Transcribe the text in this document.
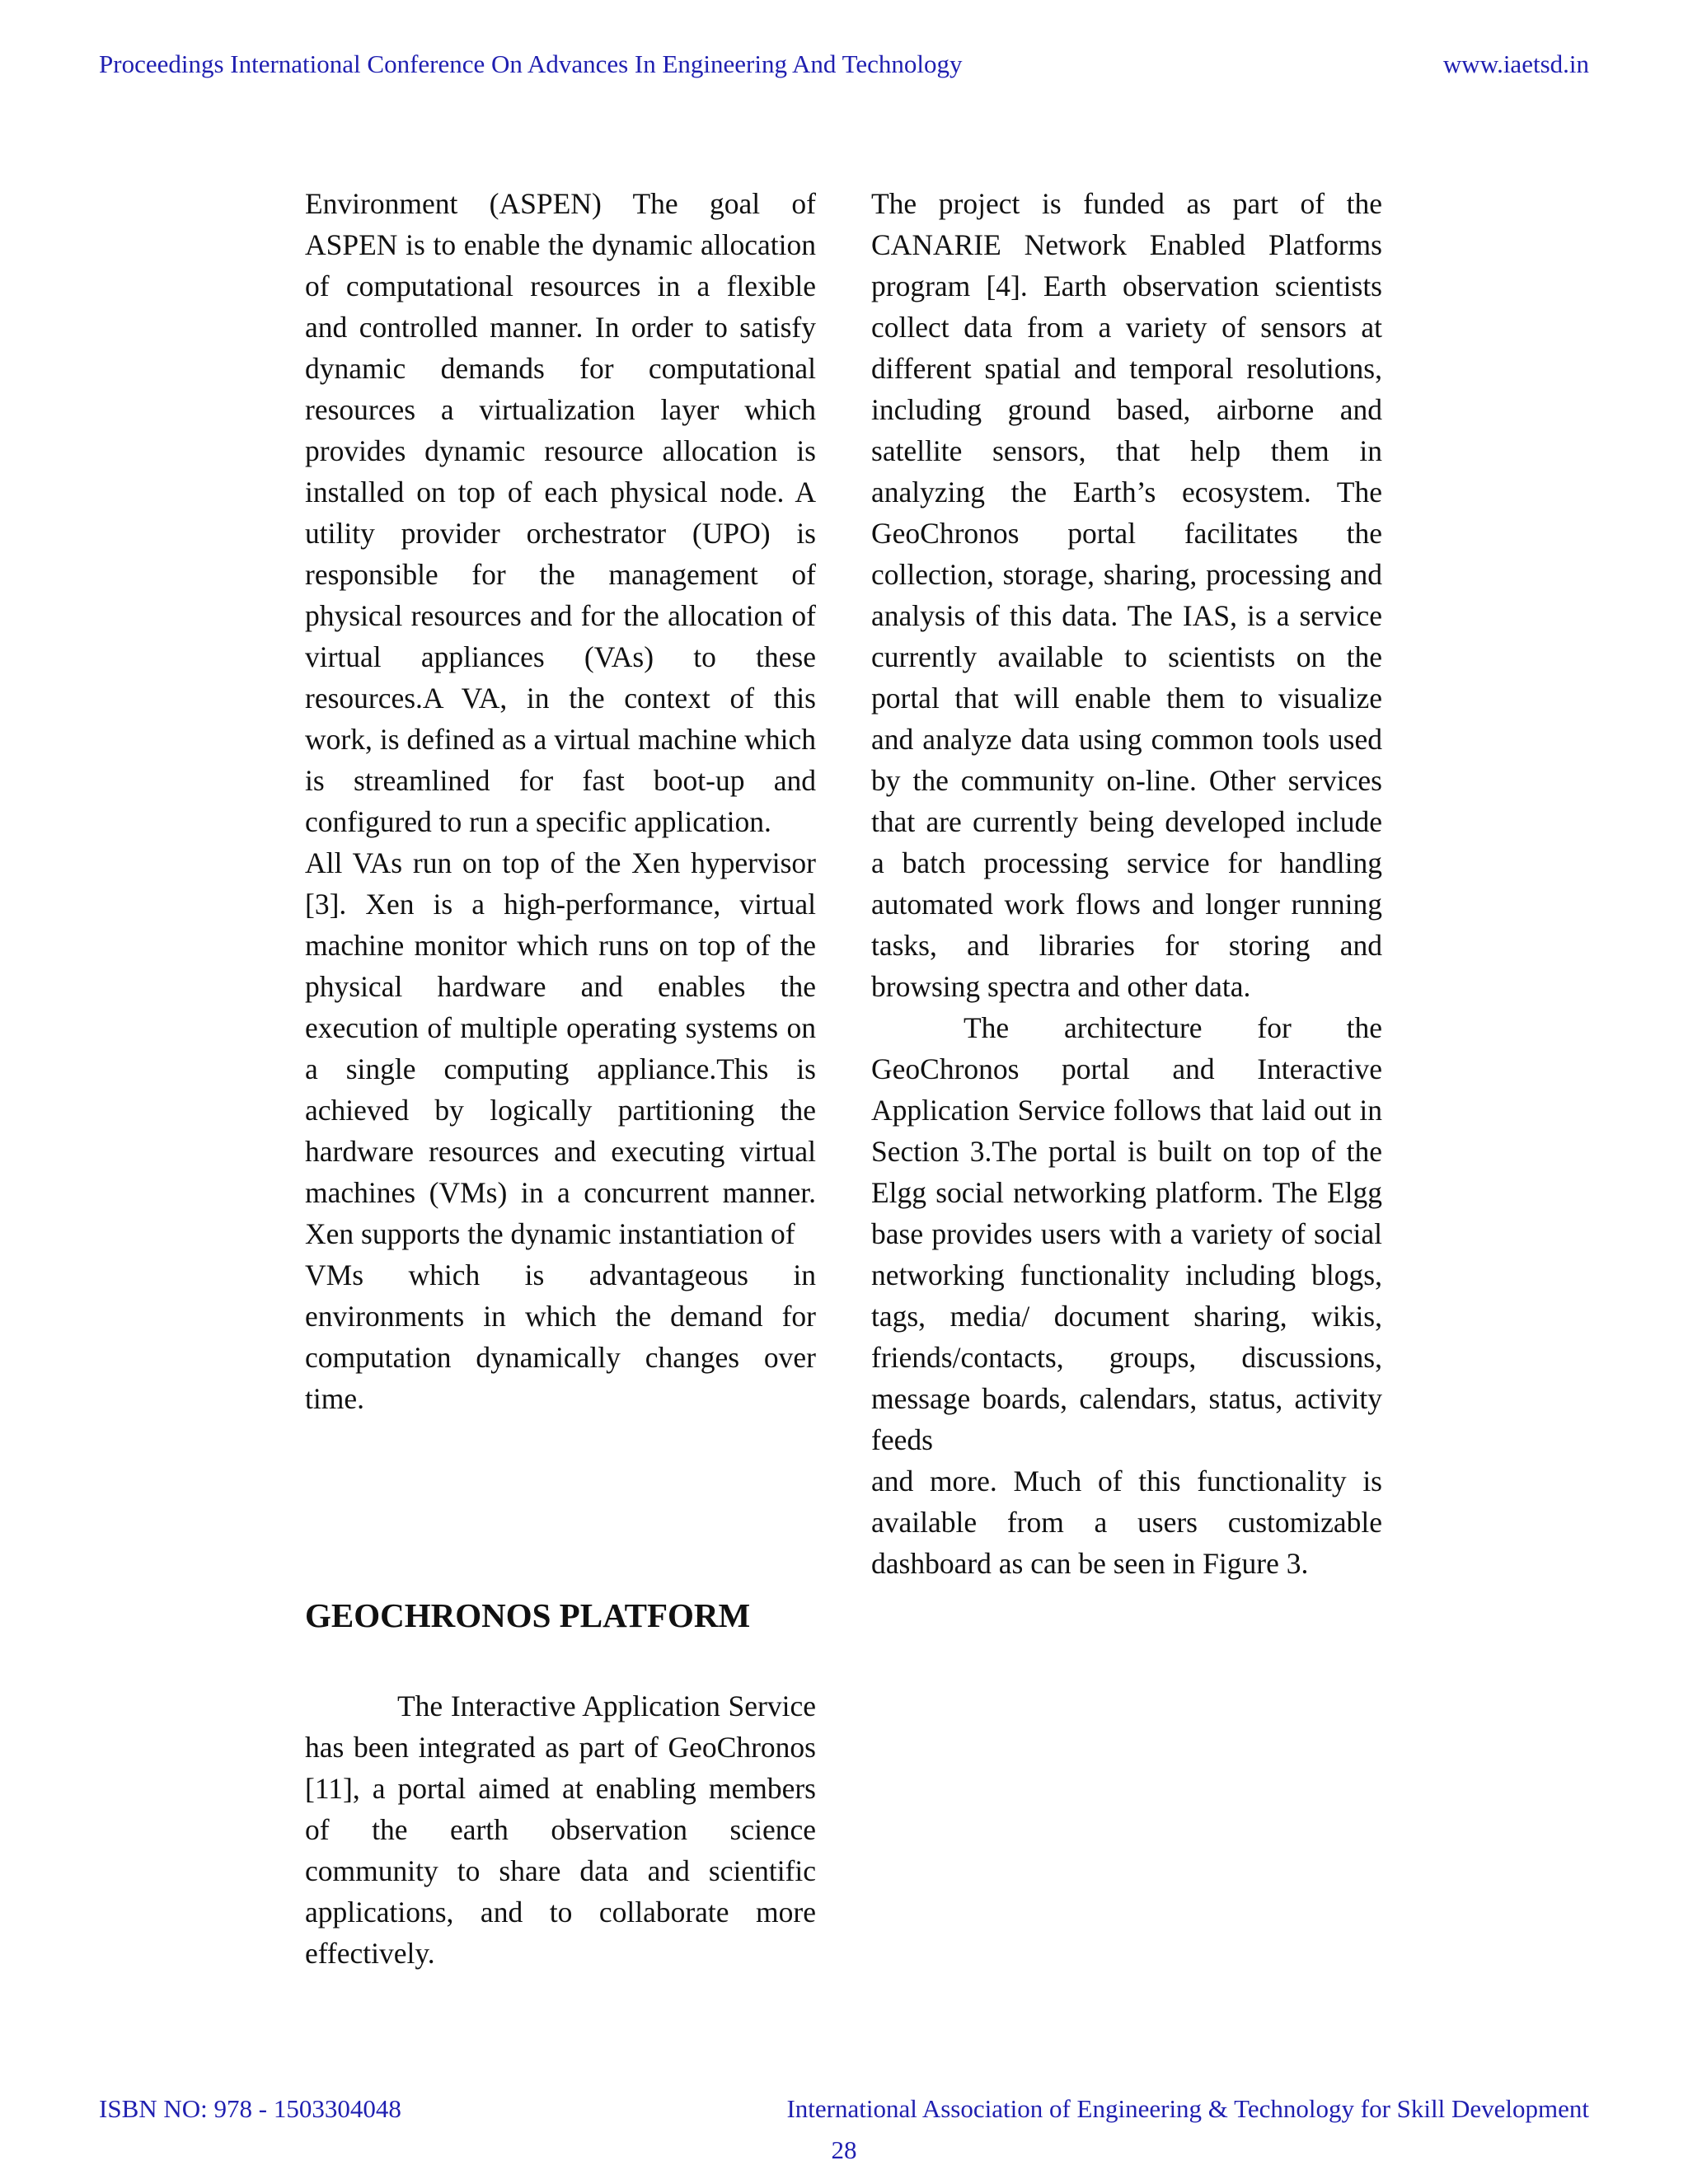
Proceedings International Conference On Advances In Engineering And Technology	www.iaetsd.in

Environment (ASPEN) The goal of ASPEN is to enable the dynamic allocation of computational resources in a flexible and controlled manner. In order to satisfy dynamic demands for computational resources a virtualization layer which provides dynamic resource allocation is installed on top of each physical node. A utility provider orchestrator (UPO) is responsible for the management of physical resources and for the allocation of virtual appliances (VAs) to these resources.A VA, in the context of this work, is defined as a virtual machine which is streamlined for fast boot-up and configured to run a specific application.

All VAs run on top of the Xen hypervisor [3]. Xen is a high-performance, virtual machine monitor which runs on top of the physical hardware and enables the execution of multiple operating systems on a single computing appliance.This is achieved by logically partitioning the hardware resources and executing virtual machines (VMs) in a concurrent manner. Xen supports the dynamic instantiation of

VMs which is advantageous in environments in which the demand for computation dynamically changes over time.

GEOCHRONOS PLATFORM

The Interactive Application Service has been integrated as part of GeoChronos [11], a portal aimed at enabling members of the earth observation science community to share data and scientific applications, and to collaborate more effectively.

The project is funded as part of the CANARIE Network Enabled Platforms program [4]. Earth observation scientists collect data from a variety of sensors at different spatial and temporal resolutions, including ground based, airborne and satellite sensors, that help them in analyzing the Earth’s ecosystem. The GeoChronos portal facilitates the collection, storage, sharing, processing and analysis of this data. The IAS, is a service currently available to scientists on the portal that will enable them to visualize and analyze data using common tools used by the community on-line. Other services that are currently being developed include a batch processing service for handling automated work flows and longer running tasks, and libraries for storing and browsing spectra and other data.

The architecture for the GeoChronos portal and Interactive Application Service follows that laid out in Section 3.The portal is built on top of the Elgg social networking platform. The Elgg base provides users with a variety of social networking functionality including blogs, tags, media/ document sharing, wikis, friends/contacts, groups, discussions, message boards, calendars, status, activity feeds

and more. Much of this functionality is available from a users customizable dashboard as can be seen in Figure 3.

ISBN NO: 978 - 1503304048	International Association of Engineering & Technology for Skill Development
28
